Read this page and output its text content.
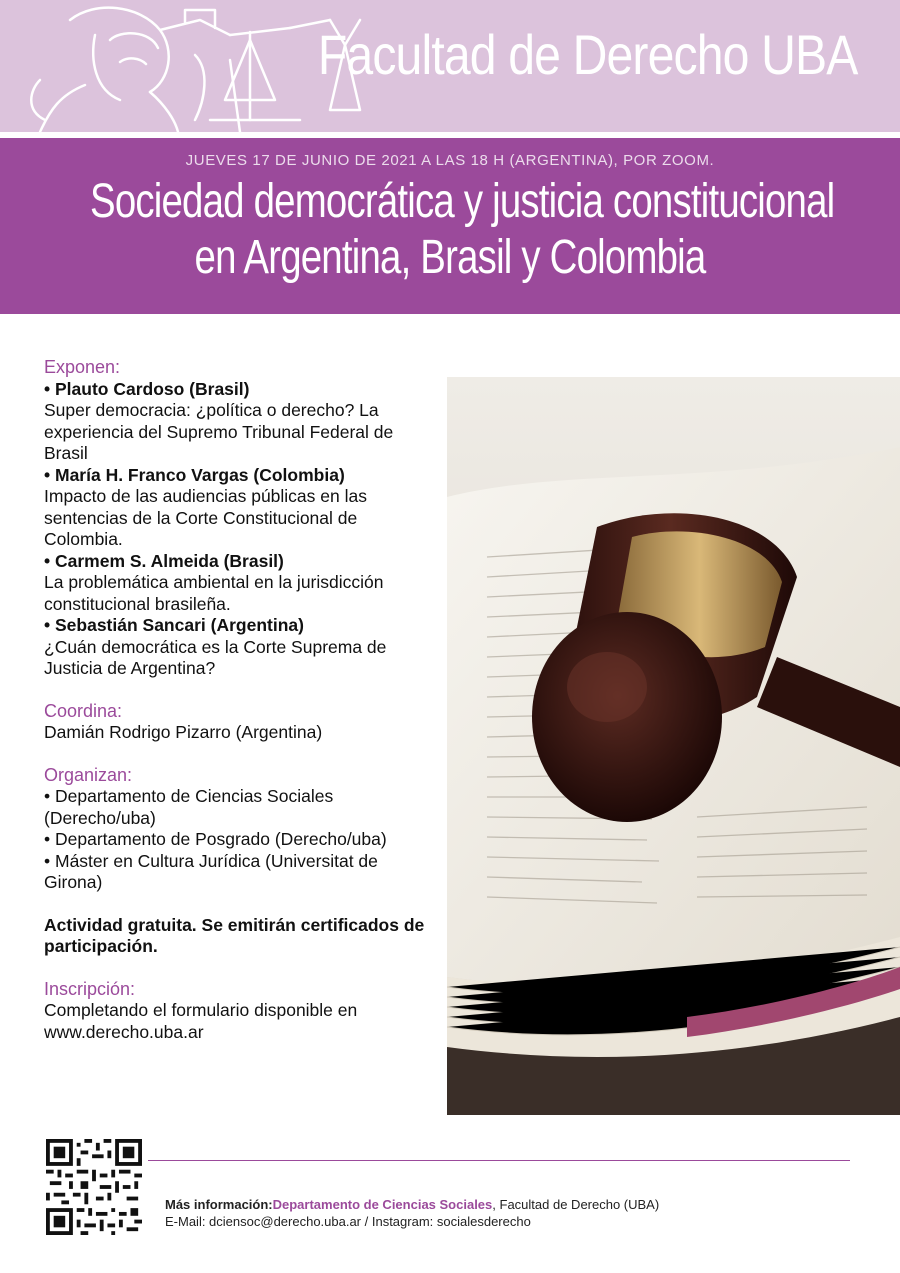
Facultad de Derecho UBA
JUEVES 17 DE JUNIO DE 2021 A LAS 18 H (ARGENTINA), POR ZOOM.
Sociedad democrática y justicia constitucional
en Argentina, Brasil y Colombia
Exponen:
• Plauto Cardoso (Brasil)
Super democracia: ¿política o derecho? La experiencia del Supremo Tribunal Federal de Brasil
• María H. Franco Vargas (Colombia)
Impacto de las audiencias públicas en las sentencias de la Corte Constitucional de Colombia.
• Carmem S. Almeida (Brasil)
La problemática ambiental en la jurisdicción constitucional brasileña.
• Sebastián Sancari (Argentina)
¿Cuán democrática es la Corte Suprema de Justicia de Argentina?
Coordina:
Damián Rodrigo Pizarro (Argentina)
Organizan:
• Departamento de Ciencias Sociales (Derecho/uba)
• Departamento de Posgrado (Derecho/uba)
• Máster en Cultura Jurídica (Universitat de Girona)
Actividad gratuita. Se emitirán certificados de participación.
Inscripción:
Completando el formulario disponible en www.derecho.uba.ar
Más información:Departamento de Ciencias Sociales, Facultad de Derecho (UBA)
E-Mail: dciensoc@derecho.uba.ar / Instagram: socialesderecho
